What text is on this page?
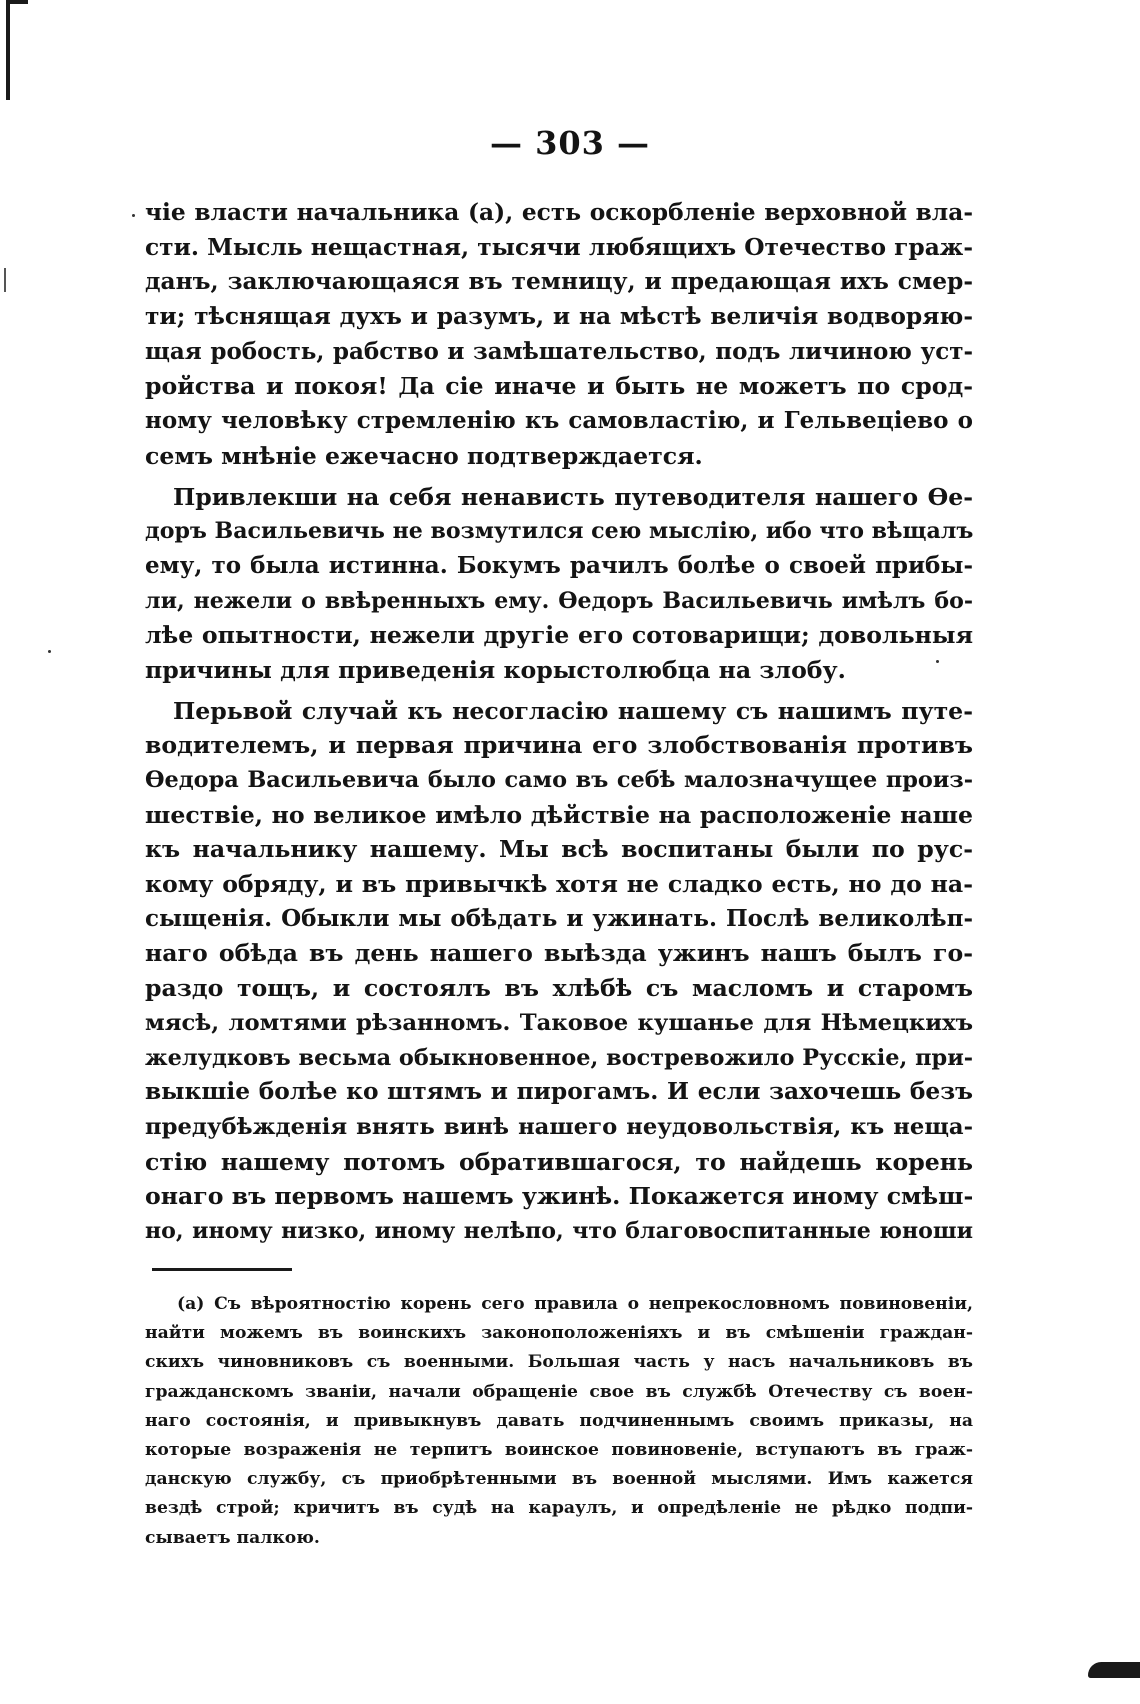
— 303 —
чіе власти начальника (а), есть оскорбленіе верховной вла-
сти. Мысль нещастная, тысячи любящихъ Отечество граж-
данъ, заключающаяся въ темницу, и предающая ихъ смер-
ти; тѣснящая духъ и разумъ, и на мѣстѣ величія водворяю-
щая робость, рабство и замѣшательство, подъ личиною уст-
ройства и покоя! Да сіе иначе и быть не можетъ по срод-
ному человѣку стремленію къ самовластію, и Гельвеціево о
семъ мнѣніе ежечасно подтверждается.
Привлекши на себя ненависть путеводителя нашего Ѳе-
доръ Васильевичь не возмутился сею мыслію, ибо что вѣщалъ
ему, то была истинна. Бокумъ рачилъ болѣе о своей прибы-
ли, нежели о ввѣренныхъ ему. Ѳедоръ Васильевичь имѣлъ бо-
лѣе опытности, нежели другіе его сотоварищи; довольныя
причины для приведенія корыстолюбца на злобу.
Перьвой случай къ несогласію нашему съ нашимъ путе-
водителемъ, и первая причина его злобствованія противъ
Ѳедора Васильевича было само въ себѣ малозначущее произ-
шествіе, но великое имѣло дѣйствіе на расположеніе наше
къ начальнику нашему. Мы всѣ воспитаны были по рус-
кому обряду, и въ привычкѣ хотя не сладко есть, но до на-
сыщенія. Обыкли мы обѣдать и ужинать. Послѣ великолѣп-
наго обѣда въ день нашего выѣзда ужинъ нашъ былъ го-
раздо тощъ, и состоялъ въ хлѣбѣ съ масломъ и старомъ
мясѣ, ломтями рѣзанномъ. Таковое кушанье для Нѣмецкихъ
желудковъ весьма обыкновенное, востревожило Русскіе, при-
выкшіе болѣе ко штямъ и пирогамъ. И если захочешь безъ
предубѣжденія внять винѣ нашего неудовольствія, къ неща-
стію нашему потомъ обратившагося, то найдешь корень
онаго въ первомъ нашемъ ужинѣ. Покажется иному смѣш-
но, иному низко, иному нелѣпо, что благовоспитанные юноши
(а) Съ вѣроятностію корень сего правила о непрекословномъ повиновеніи,
найти можемъ въ воинскихъ законоположеніяхъ и въ смѣшеніи граждан-
скихъ чиновниковъ съ военными. Большая часть у насъ начальниковъ въ
гражданскомъ званіи, начали обращеніе свое въ службѣ Отечеству съ воен-
наго состоянія, и привыкнувъ давать подчиненнымъ своимъ приказы, на
которые возраженія не терпитъ воинское повиновеніе, вступаютъ въ граж-
данскую службу, съ приобрѣтенными въ военной мыслями. Имъ кажется
вездѣ строй; кричитъ въ судѣ на караулъ, и опредѣленіе не рѣдко подпи-
сываетъ палкою.
